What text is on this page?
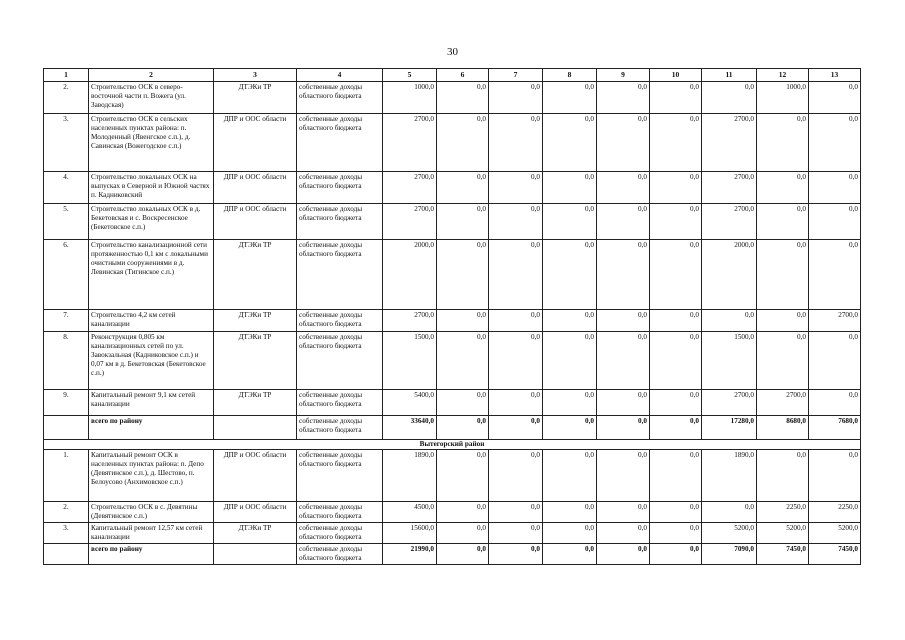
30
1	2	3	4	5	6	7	8	9	10	11	12	13
2.	Строительство ОСК в северо-восточной части п. Вожега (ул. Заводская)	ДТЭКи ТР	собственные доходы областного бюджета	1000,0	0,0	0,0	0,0	0,0	0,0	0,0	1000,0	0,0
3.	Строительство ОСК в сельских населенных пунктах района: п. Молоденный (Явенгское с.п.), д. Савинская (Вожегодское с.п.)	ДПР и ООС области	собственные доходы областного бюджета	2700,0	0,0	0,0	0,0	0,0	0,0	2700,0	0,0	0,0
4.	Строительство локальных ОСК на выпусках в Северной и Южной частях п. Кадниковский	ДПР и ООС области	собственные доходы областного бюджета	2700,0	0,0	0,0	0,0	0,0	0,0	2700,0	0,0	0,0
5.	Строительство локальных ОСК в д. Бекетовская и с. Воскресенское (Бекетовское с.п.)	ДПР и ООС области	собственные доходы областного бюджета	2700,0	0,0	0,0	0,0	0,0	0,0	2700,0	0,0	0,0
6.	Строительство канализационной сети протяженностью 0,1 км с локальными очистными сооружениями в д. Левинская (Тигинское с.п.)	ДТЭКи ТР	собственные доходы областного бюджета	2000,0	0,0	0,0	0,0	0,0	0,0	2000,0	0,0	0,0
7.	Строительство 4,2 км сетей канализации	ДТЭКи ТР	собственные доходы областного бюджета	2700,0	0,0	0,0	0,0	0,0	0,0	0,0	0,0	2700,0
8.	Реконструкция 0,805 км канализационных сетей по ул. Завокзальная (Кадниковское с.п.) и 0,07 км в д. Бекетовская (Бекетовское с.п.)	ДТЭКи ТР	собственные доходы областного бюджета	1500,0	0,0	0,0	0,0	0,0	0,0	1500,0	0,0	0,0
9.	Капитальный ремонт 9,1 км сетей канализации	ДТЭКи ТР	собственные доходы областного бюджета	5400,0	0,0	0,0	0,0	0,0	0,0	2700,0	2700,0	0,0
	всего по району		собственные доходы областного бюджета	33640,0	0,0	0,0	0,0	0,0	0,0	17280,0	8680,0	7680,0
Вытегорский район												
1.	Капитальный ремонт ОСК в населенных пунктах района: п. Депо (Девятинское с.п.), д. Шестово, п. Белоусово (Анхимовское с.п.)	ДПР и ООС области	собственные доходы областного бюджета	1890,0	0,0	0,0	0,0	0,0	0,0	1890,0	0,0	0,0
2.	Строительство ОСК в с. Девятины (Девятинское с.п.)	ДПР и ООС области	собственные доходы областного бюджета	4500,0	0,0	0,0	0,0	0,0	0,0	0,0	2250,0	2250,0
3.	Капитальный ремонт 12,57 км сетей канализации	ДТЭКи ТР	собственные доходы областного бюджета	15600,0	0,0	0,0	0,0	0,0	0,0	5200,0	5200,0	5200,0
	всего по району		собственные доходы областного бюджета	21990,0	0,0	0,0	0,0	0,0	0,0	7090,0	7450,0	7450,0
